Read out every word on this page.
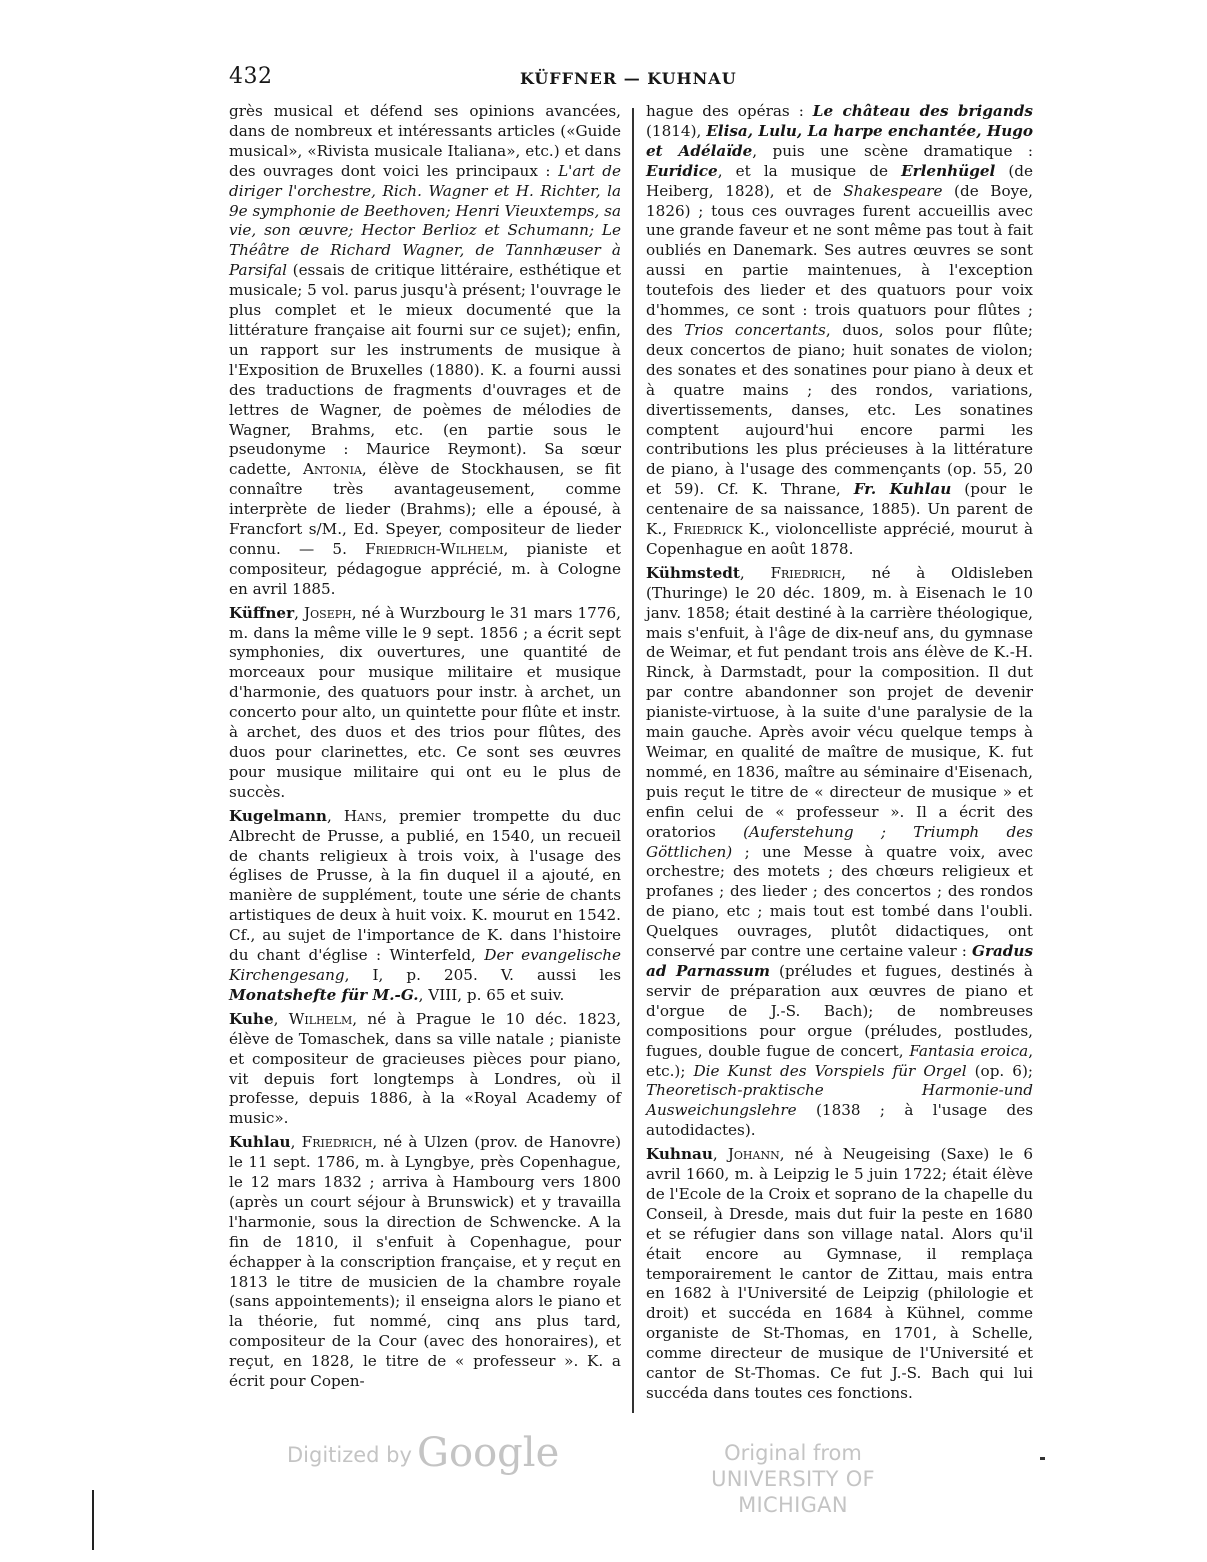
432	KÜFFNER — KUHNAU

grès musical et défend ses opinions avancées, dans de nombreux et intéressants articles («Guide musical», «Rivista musicale Italiana», etc.) et dans des ouvrages dont voici les principaux : L'art de diriger l'orchestre, Rich. Wagner et H. Richter, la 9e symphonie de Beethoven; Henri Vieuxtemps, sa vie, son œuvre; Hector Berlioz et Schumann; Le Théâtre de Richard Wagner, de Tannhæuser à Parsifal (essais de critique littéraire, esthétique et musicale; 5 vol. parus jusqu'à présent; l'ouvrage le plus complet et le mieux documenté que la littérature française ait fourni sur ce sujet); enfin, un rapport sur les instruments de musique à l'Exposition de Bruxelles (1880). K. a fourni aussi des traductions de fragments d'ouvrages et de lettres de Wagner, de poèmes de mélodies de Wagner, Brahms, etc. (en partie sous le pseudonyme : Maurice Reymont). Sa sœur cadette, Antonia, élève de Stockhausen, se fit connaître très avantageusement, comme interprète de lieder (Brahms); elle a épousé, à Francfort s/M., Ed. Speyer, compositeur de lieder connu. — 5. Friedrich-Wilhelm, pianiste et compositeur, pédagogue apprécié, m. à Cologne en avril 1885.

Küffner, Joseph, né à Wurzbourg le 31 mars 1776, m. dans la même ville le 9 sept. 1856 ; a écrit sept symphonies, dix ouvertures, une quantité de morceaux pour musique militaire et musique d'harmonie, des quatuors pour instr. à archet, un concerto pour alto, un quintette pour flûte et instr. à archet, des duos et des trios pour flûtes, des duos pour clarinettes, etc. Ce sont ses œuvres pour musique militaire qui ont eu le plus de succès.

Kugelmann, Hans, premier trompette du duc Albrecht de Prusse, a publié, en 1540, un recueil de chants religieux à trois voix, à l'usage des églises de Prusse, à la fin duquel il a ajouté, en manière de supplément, toute une série de chants artistiques de deux à huit voix. K. mourut en 1542. Cf., au sujet de l'importance de K. dans l'histoire du chant d'église : Winterfeld, Der evangelische Kirchengesang, I, p. 205. V. aussi les Monatshefte für M.-G., VIII, p. 65 et suiv.

Kuhe, Wilhelm, né à Prague le 10 déc. 1823, élève de Tomaschek, dans sa ville natale ; pianiste et compositeur de gracieuses pièces pour piano, vit depuis fort longtemps à Londres, où il professe, depuis 1886, à la «Royal Academy of music».

Kuhlau, Friedrich, né à Ulzen (prov. de Hanovre) le 11 sept. 1786, m. à Lyngbye, près Copenhague, le 12 mars 1832 ; arriva à Hambourg vers 1800 (après un court séjour à Brunswick) et y travailla l'harmonie, sous la direction de Schwencke. A la fin de 1810, il s'enfuit à Copenhague, pour échapper à la conscription française, et y reçut en 1813 le titre de musicien de la chambre royale (sans appointements); il enseigna alors le piano et la théorie, fut nommé, cinq ans plus tard, compositeur de la Cour (avec des honoraires), et reçut, en 1828, le titre de « professeur ». K. a écrit pour Copen-

hague des opéras : Le château des brigands (1814), Elisa, Lulu, La harpe enchantée, Hugo et Adélaïde, puis une scène dramatique : Euridice, et la musique de Erlenhügel (de Heiberg, 1828), et de Shakespeare (de Boye, 1826) ; tous ces ouvrages furent accueillis avec une grande faveur et ne sont même pas tout à fait oubliés en Danemark. Ses autres œuvres se sont aussi en partie maintenues, à l'exception toutefois des lieder et des quatuors pour voix d'hommes, ce sont : trois quatuors pour flûtes ; des Trios concertants, duos, solos pour flûte; deux concertos de piano; huit sonates de violon; des sonates et des sonatines pour piano à deux et à quatre mains ; des rondos, variations, divertissements, danses, etc. Les sonatines comptent aujourd'hui encore parmi les contributions les plus précieuses à la littérature de piano, à l'usage des commençants (op. 55, 20 et 59). Cf. K. Thrane, Fr. Kuhlau (pour le centenaire de sa naissance, 1885). Un parent de K., Friedrick K., violoncelliste apprécié, mourut à Copenhague en août 1878.

Kühmstedt, Friedrich, né à Oldisleben (Thuringe) le 20 déc. 1809, m. à Eisenach le 10 janv. 1858; était destiné à la carrière théologique, mais s'enfuit, à l'âge de dix-neuf ans, du gymnase de Weimar, et fut pendant trois ans élève de K.-H. Rinck, à Darmstadt, pour la composition. Il dut par contre abandonner son projet de devenir pianiste-virtuose, à la suite d'une paralysie de la main gauche. Après avoir vécu quelque temps à Weimar, en qualité de maître de musique, K. fut nommé, en 1836, maître au séminaire d'Eisenach, puis reçut le titre de « directeur de musique » et enfin celui de « professeur ». Il a écrit des oratorios (Auferstehung ; Triumph des Göttlichen) ; une Messe à quatre voix, avec orchestre; des motets ; des chœurs religieux et profanes ; des lieder ; des concertos ; des rondos de piano, etc ; mais tout est tombé dans l'oubli. Quelques ouvrages, plutôt didactiques, ont conservé par contre une certaine valeur : Gradus ad Parnassum (préludes et fugues, destinés à servir de préparation aux œuvres de piano et d'orgue de J.-S. Bach); de nombreuses compositions pour orgue (préludes, postludes, fugues, double fugue de concert, Fantasia eroica, etc.); Die Kunst des Vorspiels für Orgel (op. 6); Theoretisch-praktische Harmonie-und Ausweichungslehre (1838 ; à l'usage des autodidactes).

Kuhnau, Johann, né à Neugeising (Saxe) le 6 avril 1660, m. à Leipzig le 5 juin 1722; était élève de l'Ecole de la Croix et soprano de la chapelle du Conseil, à Dresde, mais dut fuir la peste en 1680 et se réfugier dans son village natal. Alors qu'il était encore au Gymnase, il remplaça temporairement le cantor de Zittau, mais entra en 1682 à l'Université de Leipzig (philologie et droit) et succéda en 1684 à Kühnel, comme organiste de St-Thomas, en 1701, à Schelle, comme directeur de musique de l'Université et cantor de St-Thomas. Ce fut J.-S. Bach qui lui succéda dans toutes ces fonctions.

Digitized by Google	Original from
UNIVERSITY OF MICHIGAN
